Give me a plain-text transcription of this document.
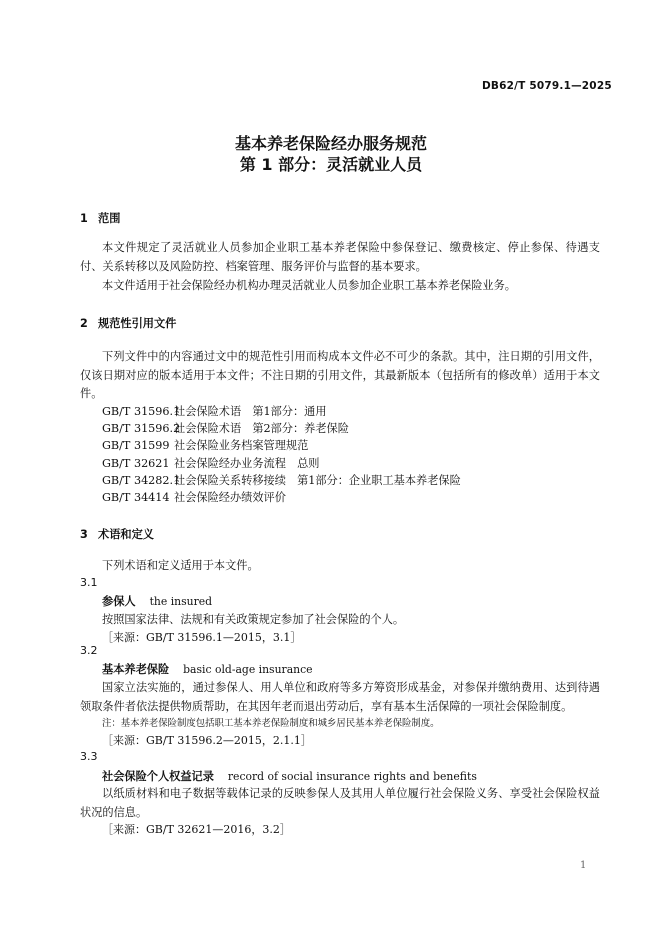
DB62/T 5079.1—2025
基本养老保险经办服务规范
第 1 部分：灵活就业人员
1 范围
本文件规定了灵活就业人员参加企业职工基本养老保险中参保登记、缴费核定、停止参保、待遇支付、关系转移以及风险防控、档案管理、服务评价与监督的基本要求。
本文件适用于社会保险经办机构办理灵活就业人员参加企业职工基本养老保险业务。
2 规范性引用文件
下列文件中的内容通过文中的规范性引用而构成本文件必不可少的条款。其中，注日期的引用文件，仅该日期对应的版本适用于本文件；不注日期的引用文件，其最新版本（包括所有的修改单）适用于本文件。
GB/T 31596.1社会保险术语　第1部分：通用
GB/T 31596.2社会保险术语　第2部分：养老保险
GB/T 31599 社会保险业务档案管理规范
GB/T 32621 社会保险经办业务流程　总则
GB/T 34282.1社会保险关系转移接续　第1部分：企业职工基本养老保险
GB/T 34414 社会保险经办绩效评价
3 术语和定义
下列术语和定义适用于本文件。
3.1
参保人 the insured
按照国家法律、法规和有关政策规定参加了社会保险的个人。
［来源：GB/T 31596.1—2015，3.1］
3.2
基本养老保险 basic old-age insurance
国家立法实施的，通过参保人、用人单位和政府等多方筹资形成基金，对参保并缴纳费用、达到待遇领取条件者依法提供物质帮助，在其因年老而退出劳动后，享有基本生活保障的一项社会保险制度。
注：基本养老保险制度包括职工基本养老保险制度和城乡居民基本养老保险制度。
［来源：GB/T 31596.2—2015，2.1.1］
3.3
社会保险个人权益记录 record of social insurance rights and benefits
以纸质材料和电子数据等载体记录的反映参保人及其用人单位履行社会保险义务、享受社会保险权益状况的信息。
［来源：GB/T 32621—2016，3.2］
1
